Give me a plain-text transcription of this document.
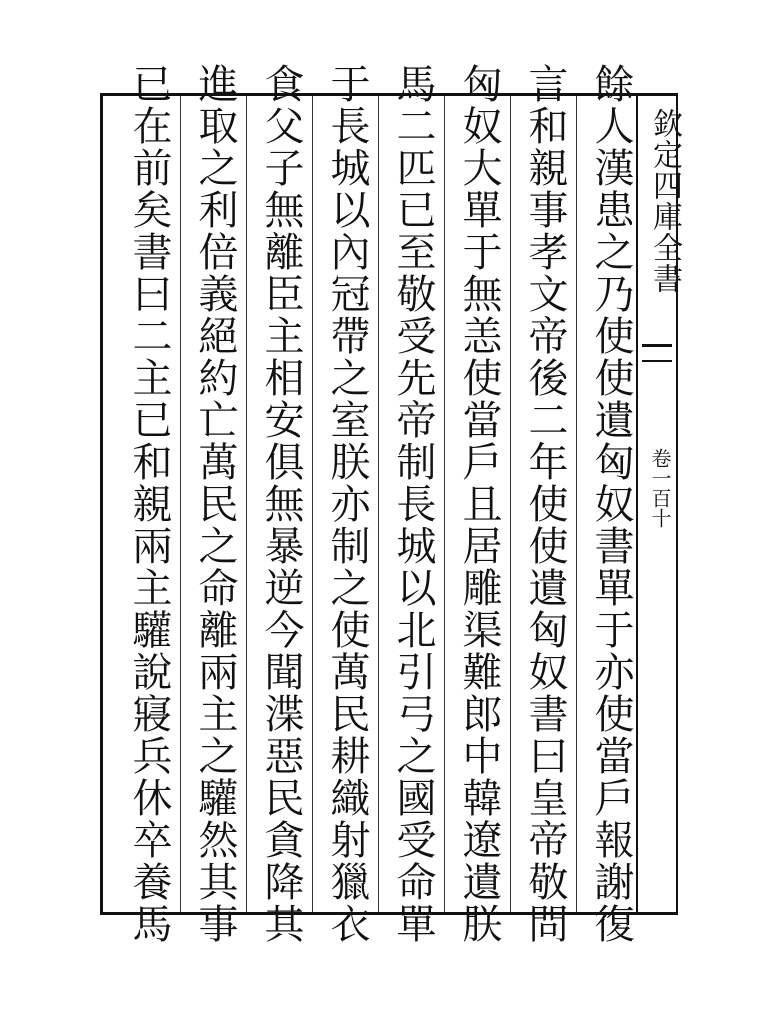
欽定四庫全書
卷一百十
餘人漢患之乃使使遺匈奴書單于亦使當戶報謝復
言和親事孝文帝後二年使使遺匈奴書曰皇帝敬問
匈奴大單于無恙使當戶且居雕渠難郎中韓遼遺朕
馬二匹已至敬受先帝制長城以北引弓之國受命單
于長城以內冠帶之室朕亦制之使萬民耕織射獵衣
食父子無離臣主相安俱無暴逆今聞渫惡民貪降其
進取之利倍義絕約亡萬民之命離兩主之驩然其事
已在前矣書曰二主已和親兩主驩說寢兵休卒養馬
